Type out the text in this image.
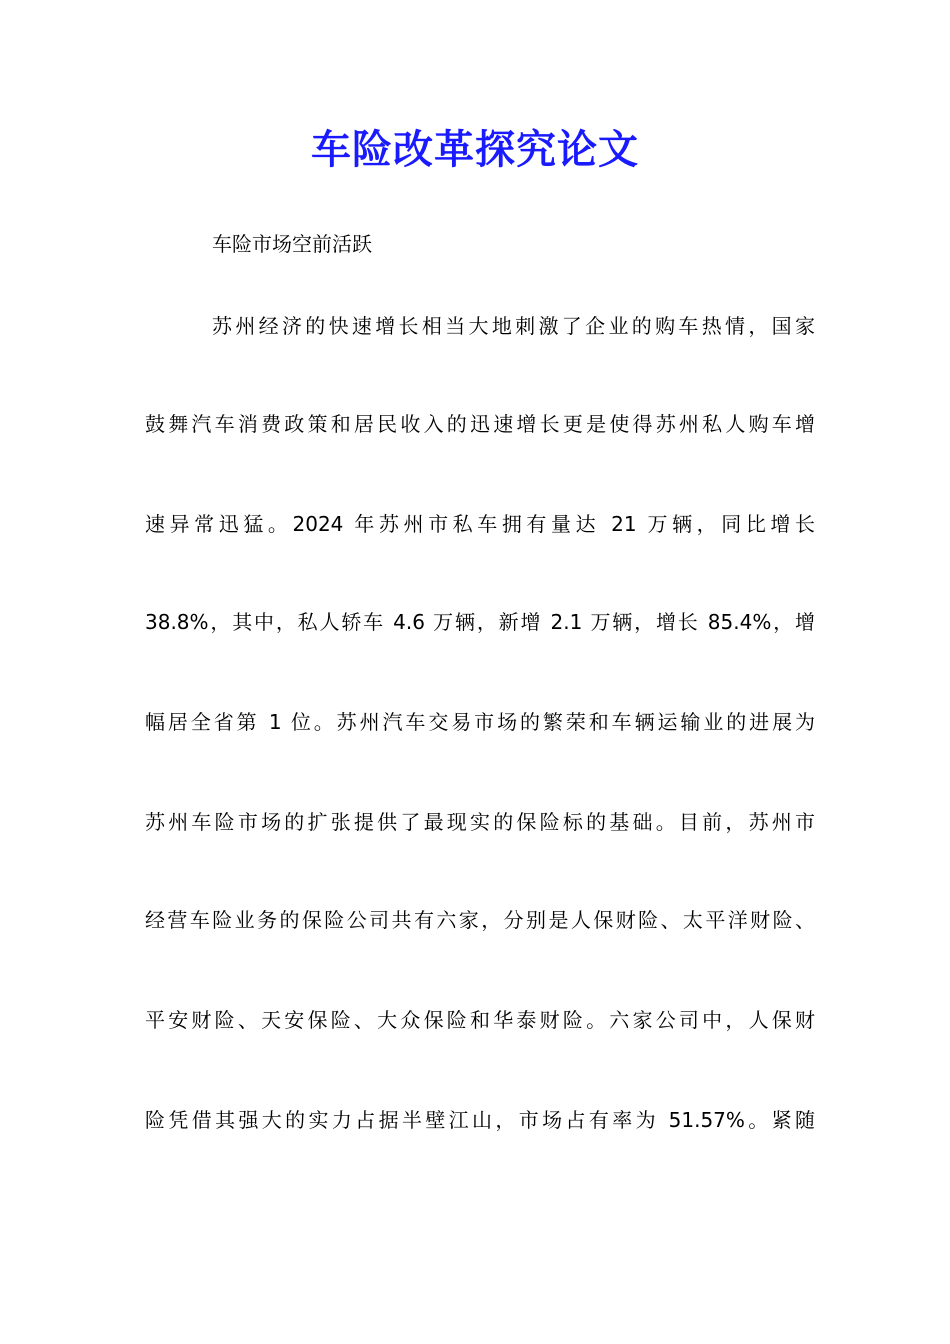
车险改革探究论文

车险市场空前活跃

苏州经济的快速增长相当大地刺激了企业的购车热情，国家

鼓舞汽车消费政策和居民收入的迅速增长更是使得苏州私人购车增

速异常迅猛。2024 年苏州市私车拥有量达 21 万辆，同比增长

38.8%，其中，私人轿车 4.6 万辆，新增 2.1 万辆，增长 85.4%，增

幅居全省第 1 位。苏州汽车交易市场的繁荣和车辆运输业的进展为

苏州车险市场的扩张提供了最现实的保险标的基础。目前，苏州市

经营车险业务的保险公司共有六家，分别是人保财险、太平洋财险、

平安财险、天安保险、大众保险和华泰财险。六家公司中，人保财

险凭借其强大的实力占据半壁江山，市场占有率为 51.57%。紧随
